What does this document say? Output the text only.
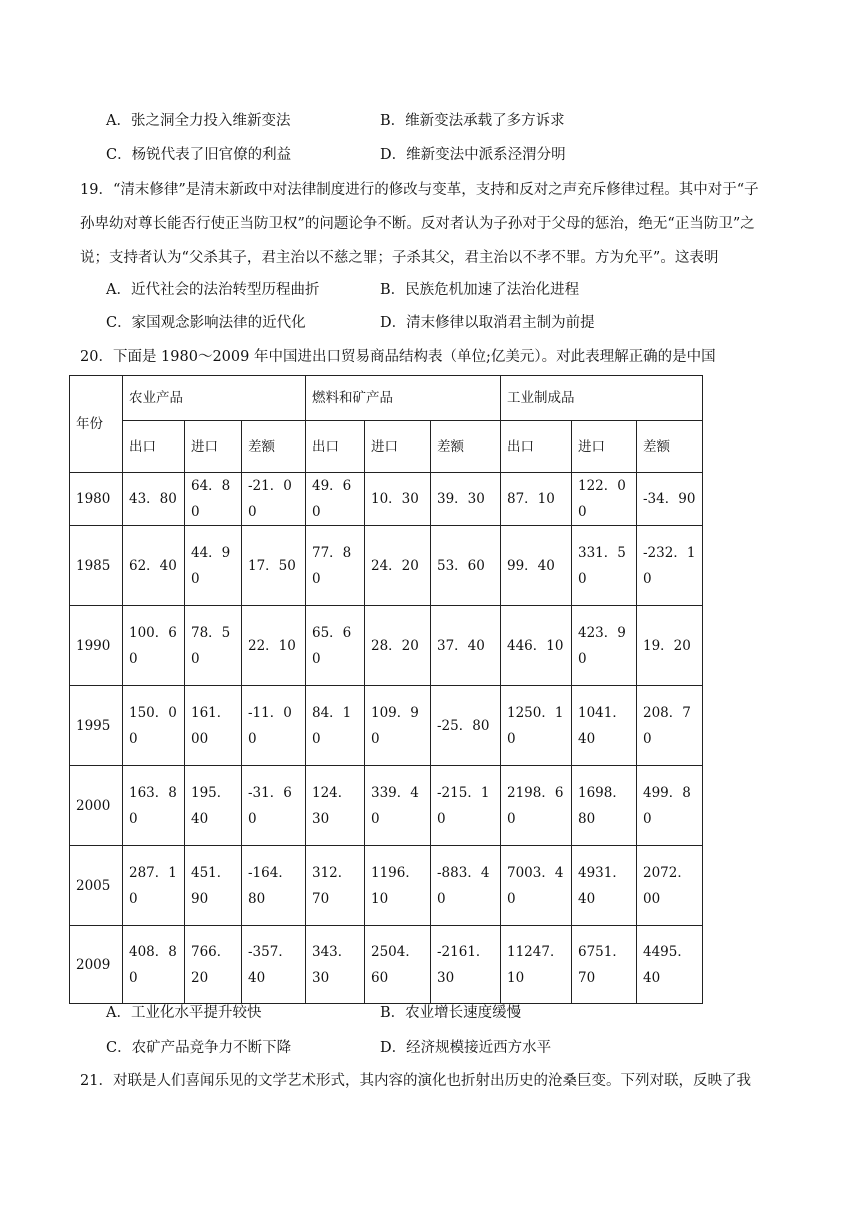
A．张之洞全力投入维新变法	B．维新变法承载了多方诉求
C．杨锐代表了旧官僚的利益	D．维新变法中派系泾渭分明

19．“清末修律”是清末新政中对法律制度进行的修改与变革，支持和反对之声充斥修律过程。其中对于“子

孙卑幼对尊长能否行使正当防卫权”的问题论争不断。反对者认为子孙对于父母的惩治，绝无“正当防卫”之

说；支持者认为“父杀其子，君主治以不慈之罪；子杀其父，君主治以不孝不罪。方为允平”。这表明

A．近代社会的法治转型历程曲折	B．民族危机加速了法治化进程
C．家国观念影响法律的近代化	D．清末修律以取消君主制为前提
20．下面是 1980～2009 年中国进出口贸易商品结构表（单位;亿美元）。对此表理解正确的是中国
年份	农业产品			燃料和矿产品			工业制成品		
	出口	进口	差额	出口	进口	差额	出口	进口	差额
1980	43．80	64．80	-21．00	49．60	10．30	39．30	87．10	122．00	-34．90
1985	62．40	44．90	17．50	77．80	24．20	53．60	99．40	331．50	-232．10
1990	100．60	78．50	22．10	65．60	28．20	37．40	446．10	423．90	19．20
1995	150．00	161．00	-11．00	84．10	109．90	-25．80	1250．10	1041．40	208．70
2000	163．80	195．40	-31．60	124．30	339．40	-215．10	2198．60	1698．80	499．80
2005	287．10	451．90	-164．80	312．70	1196．10	-883．40	7003．40	4931．40	2072．00
2009	408．80	766．20	-357．40	343．30	2504．60	-2161．30	11247．10	6751．70	4495．40
A．工业化水平提升较快	B．农业增长速度缓慢
C．农矿产品竞争力不断下降	D．经济规模接近西方水平
21．对联是人们喜闻乐见的文学艺术形式，其内容的演化也折射出历史的沧桑巨变。下列对联，反映了我
